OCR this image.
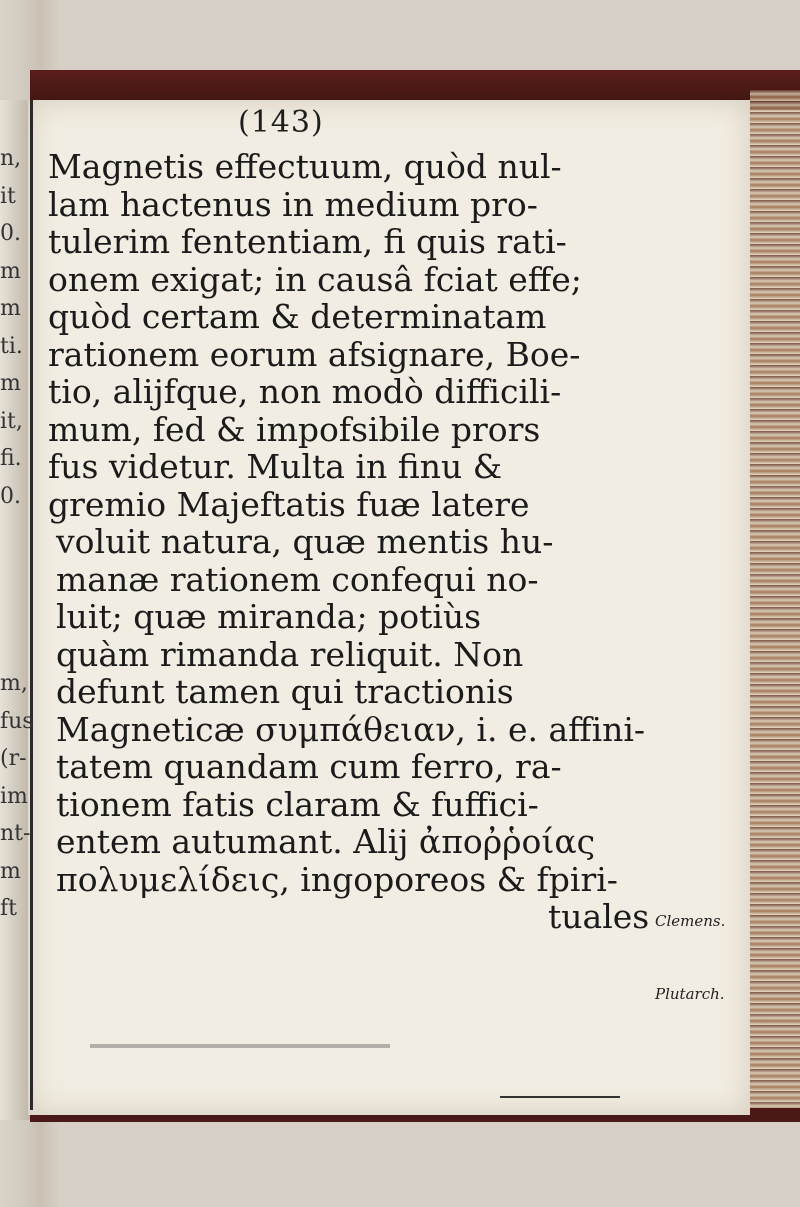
n,
it
0.
m
m
ti.
m
it,
fi.
0.
m,
fus
(r-
im
nt-
m
ft
(143)
Magnetis effectuum, quòd nul-
lam hactenus in medium pro-
tulerim fententiam, fi quis rati-
onem exigat; in causâ fciat effe;
quòd certam & determinatam
rationem eorum afsignare, Boe-
tio, alijfque, non modò difficili-
mum, fed & impofsibile prors
fus videtur. Multa in finu &
gremio Majeftatis fuæ latere
voluit natura, quæ mentis hu-
manæ rationem confequi no-
luit; quæ miranda; potiùs
quàm rimanda reliquit. Non
defunt tamen qui tractionis
Magneticæ συμπάθειαν, i. e. affini-
tatem quandam cum ferro, ra-
tionem fatis claram & fuffici-
entem autumant. Alij ἀποῤῥοίας
πολυμελίδεις, ingoporeos & fpiri-
tuales Clemens.
Plutarch.
